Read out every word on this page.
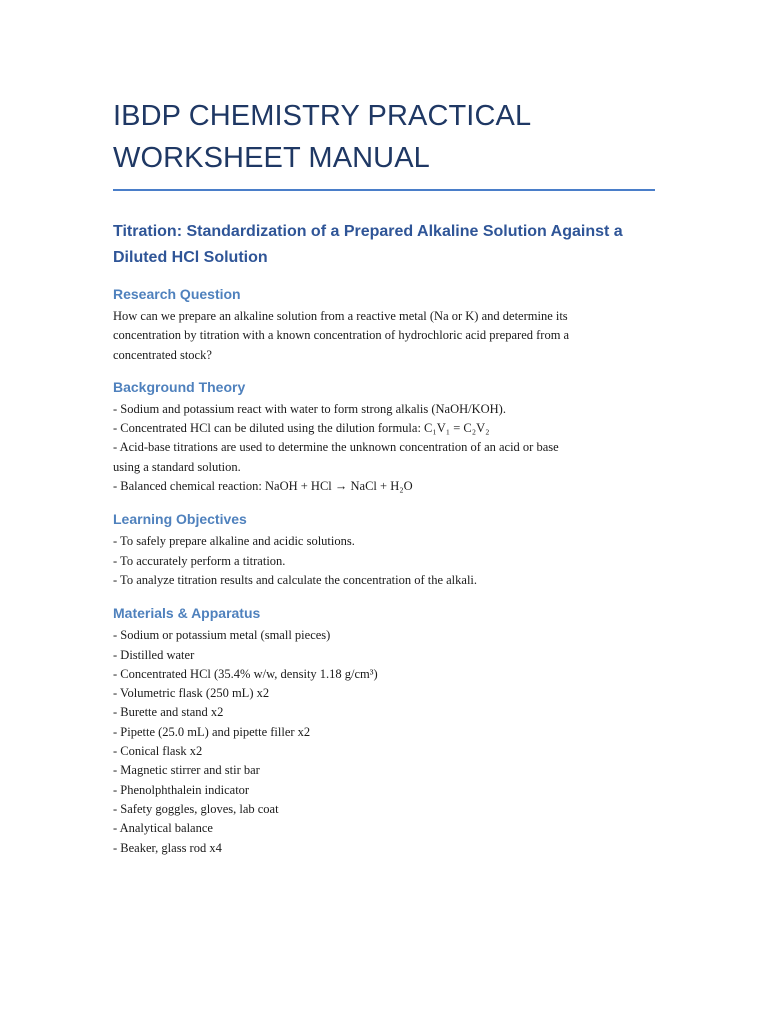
IBDP CHEMISTRY PRACTICAL
WORKSHEET MANUAL
Titration: Standardization of a Prepared Alkaline Solution Against a
Diluted HCl Solution
Research Question

How can we prepare an alkaline solution from a reactive metal (Na or K) and determine its
concentration by titration with a known concentration of hydrochloric acid prepared from a
concentrated stock?

Background Theory

- Sodium and potassium react with water to form strong alkalis (NaOH/KOH).
- Concentrated HCl can be diluted using the dilution formula: C₁V₁ = C₂V₂
- Acid-base titrations are used to determine the unknown concentration of an acid or base
using a standard solution.
- Balanced chemical reaction: NaOH + HCl → NaCl + H₂O

Learning Objectives

- To safely prepare alkaline and acidic solutions.
- To accurately perform a titration.
- To analyze titration results and calculate the concentration of the alkali.

Materials & Apparatus

- Sodium or potassium metal (small pieces)
- Distilled water
- Concentrated HCl (35.4% w/w, density 1.18 g/cm³)
- Volumetric flask (250 mL) x2
- Burette and stand x2
- Pipette (25.0 mL) and pipette filler x2
- Conical flask x2
- Magnetic stirrer and stir bar
- Phenolphthalein indicator
- Safety goggles, gloves, lab coat
- Analytical balance
- Beaker, glass rod x4
